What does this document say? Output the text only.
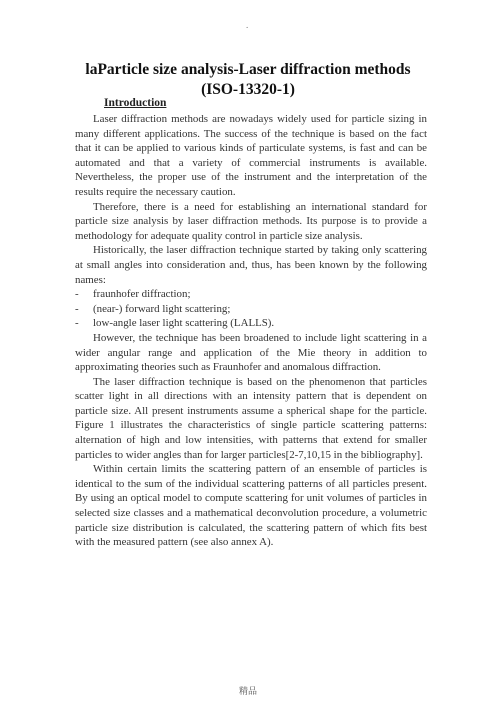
.
laParticle size analysis-Laser diffraction methods
(ISO-13320-1)
Introduction

Laser diffraction methods are nowadays widely used for particle sizing in many different applications. The success of the technique is based on the fact that it can be applied to various kinds of particulate systems, is fast and can be automated and that a variety of commercial instruments is available. Nevertheless, the proper use of the instrument and the interpretation of the results require the necessary caution.

Therefore, there is a need for establishing an international standard for particle size analysis by laser diffraction methods. Its purpose is to provide a methodology for adequate quality control in particle size analysis.

Historically, the laser diffraction technique started by taking only scattering at small angles into consideration and, thus, has been known by the following names:

- fraunhofer diffraction;
- (near-) forward light scattering;
- low-angle laser light scattering (LALLS).

However, the technique has been broadened to include light scattering in a wider angular range and application of the Mie theory in addition to approximating theories such as Fraunhofer and anomalous diffraction.

The laser diffraction technique is based on the phenomenon that particles scatter light in all directions with an intensity pattern that is dependent on particle size. All present instruments assume a spherical shape for the particle. Figure 1 illustrates the characteristics of single particle scattering patterns: alternation of high and low intensities, with patterns that extend for smaller particles to wider angles than for larger particles[2-7,10,15 in the bibliography].

Within certain limits the scattering pattern of an ensemble of particles is identical to the sum of the individual scattering patterns of all particles present. By using an optical model to compute scattering for unit volumes of particles in selected size classes and a mathematical deconvolution procedure, a volumetric particle size distribution is calculated, the scattering pattern of which fits best with the measured pattern (see also annex A).

精品
